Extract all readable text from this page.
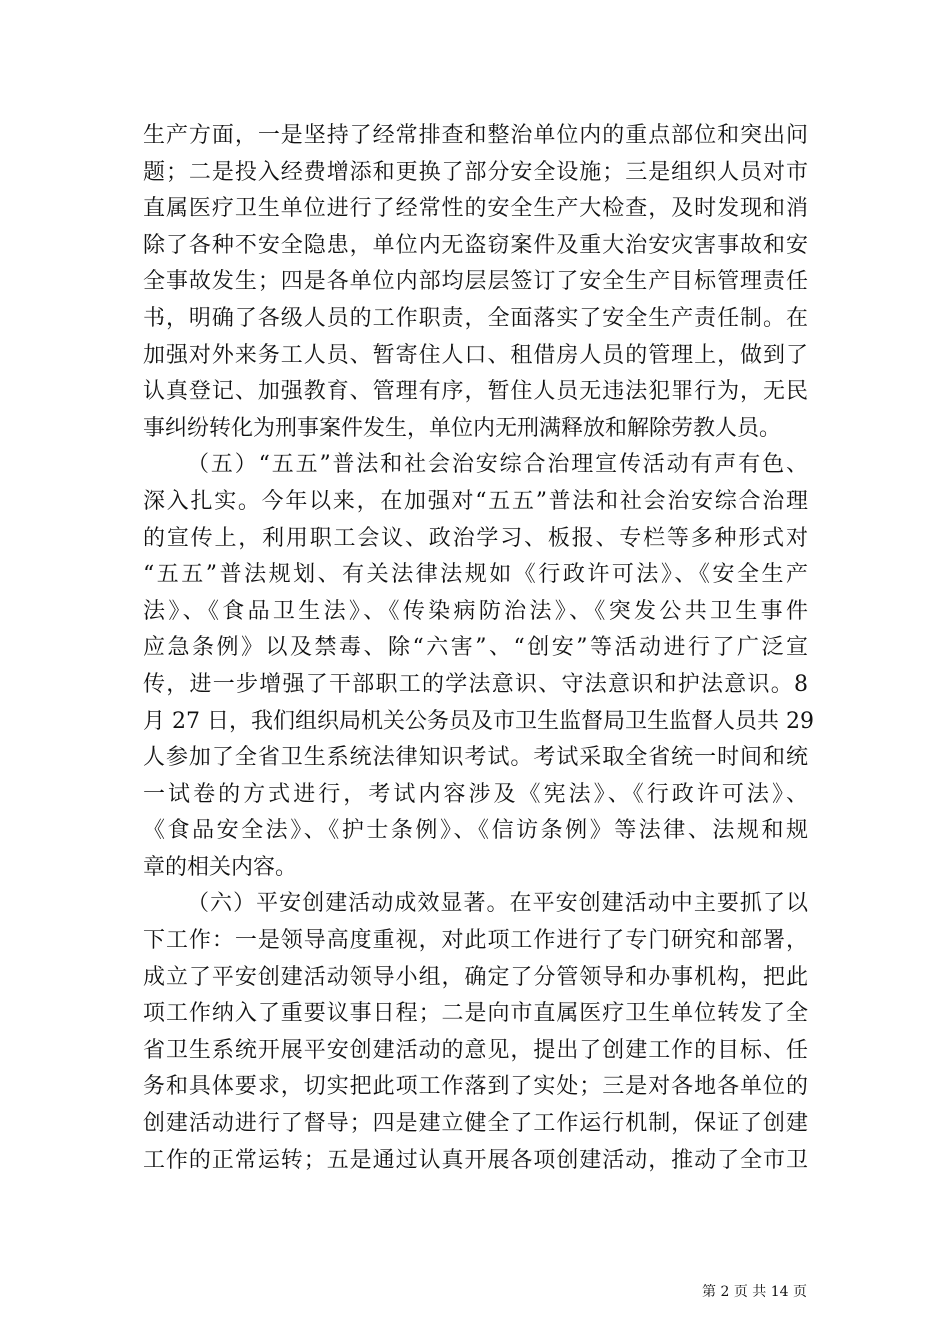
生产方面，一是坚持了经常排查和整治单位内的重点部位和突出问
题；二是投入经费增添和更换了部分安全设施；三是组织人员对市
直属医疗卫生单位进行了经常性的安全生产大检查，及时发现和消
除了各种不安全隐患，单位内无盗窃案件及重大治安灾害事故和安
全事故发生；四是各单位内部均层层签订了安全生产目标管理责任
书，明确了各级人员的工作职责，全面落实了安全生产责任制。在
加强对外来务工人员、暂寄住人口、租借房人员的管理上，做到了
认真登记、加强教育、管理有序，暂住人员无违法犯罪行为，无民
事纠纷转化为刑事案件发生，单位内无刑满释放和解除劳教人员。
（五）“五五”普法和社会治安综合治理宣传活动有声有色、
深入扎实。今年以来，在加强对“五五”普法和社会治安综合治理
的宣传上，利用职工会议、政治学习、板报、专栏等多种形式对
“五五”普法规划、有关法律法规如《行政许可法》、《安全生产
法》、《食品卫生法》、《传染病防治法》、《突发公共卫生事件
应急条例》以及禁毒、除“六害”、“创安”等活动进行了广泛宣
传，进一步增强了干部职工的学法意识、守法意识和护法意识。8
月 27 日，我们组织局机关公务员及市卫生监督局卫生监督人员共 29
人参加了全省卫生系统法律知识考试。考试采取全省统一时间和统
一试卷的方式进行，考试内容涉及《宪法》、《行政许可法》、
《食品安全法》、《护士条例》、《信访条例》等法律、法规和规
章的相关内容。
（六）平安创建活动成效显著。在平安创建活动中主要抓了以
下工作：一是领导高度重视，对此项工作进行了专门研究和部署，
成立了平安创建活动领导小组，确定了分管领导和办事机构，把此
项工作纳入了重要议事日程；二是向市直属医疗卫生单位转发了全
省卫生系统开展平安创建活动的意见，提出了创建工作的目标、任
务和具体要求，切实把此项工作落到了实处；三是对各地各单位的
创建活动进行了督导；四是建立健全了工作运行机制，保证了创建
工作的正常运转；五是通过认真开展各项创建活动，推动了全市卫
第 2 页 共 14 页
